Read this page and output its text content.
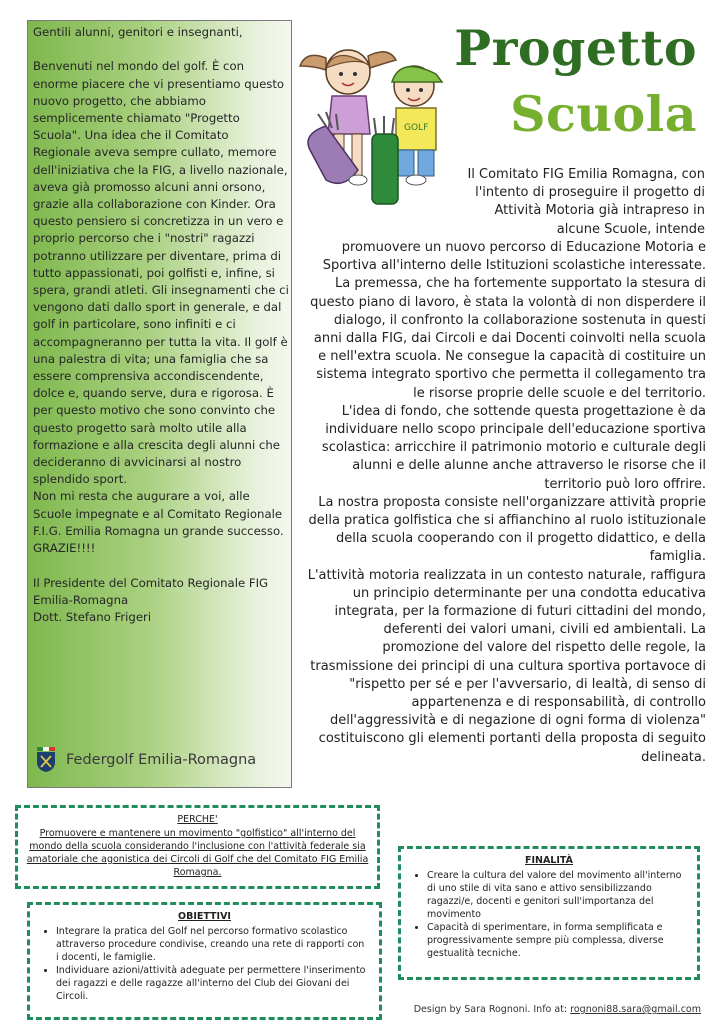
Gentili alunni, genitori e insegnanti,

Benvenuti nel mondo del golf. È con enorme piacere che vi presentiamo questo nuovo progetto, che abbiamo semplicemente chiamato "Progetto Scuola". Una idea che il Comitato Regionale aveva sempre cullato, memore dell'iniziativa che la FIG, a livello nazionale, aveva già promosso alcuni anni orsono, grazie alla collaborazione con Kinder. Ora questo pensiero si concretizza in un vero e proprio percorso che i "nostri" ragazzi potranno utilizzare per diventare, prima di tutto appassionati, poi golfisti e, infine, si spera, grandi atleti. Gli insegnamenti che ci vengono dati dallo sport in generale, e dal golf in particolare, sono infiniti e ci accompagneranno per tutta la vita. Il golf è una palestra di vita; una famiglia che sa essere comprensiva accondiscendente, dolce e, quando serve, dura e rigorosa. È per questo motivo che sono convinto che questo progetto sarà molto utile alla formazione e alla crescita degli alunni che decideranno di avvicinarsi al nostro splendido sport.
Non mi resta che augurare a voi, alle Scuole impegnate e al Comitato Regionale F.I.G. Emilia Romagna un grande successo.
GRAZIE!!!!

Il Presidente del Comitato Regionale FIG Emilia-Romagna
Dott. Stefano Frigeri
Federgolf Emilia-Romagna
Progetto
Scuola
GOLF
Il Comitato FIG Emilia Romagna, con l'intento di proseguire il progetto di Attività Motoria già intrapreso in alcune Scuole, intende

promuovere un nuovo percorso di Educazione Motoria e Sportiva all'interno delle Istituzioni scolastiche interessate. La premessa, che ha fortemente supportato la stesura di questo piano di lavoro, è stata la volontà di non disperdere il dialogo, il confronto la collaborazione sostenuta in questi anni dalla FIG, dai Circoli e dai Docenti coinvolti nella scuola e nell'extra scuola. Ne consegue la capacità di costituire un sistema integrato sportivo che permetta il collegamento tra le risorse proprie delle scuole e del territorio.

L'idea di fondo, che sottende questa progettazione è da individuare nello scopo principale dell'educazione sportiva scolastica: arricchire il patrimonio motorio e culturale degli alunni e delle alunne anche attraverso le risorse che il territorio può loro offrire.

La nostra proposta consiste nell'organizzare attività proprie della pratica golfistica che si affianchino al ruolo istituzionale della scuola cooperando con il progetto didattico, e della famiglia.

L'attività motoria realizzata in un contesto naturale, raffigura un principio determinante per una condotta educativa integrata, per la formazione di futuri cittadini del mondo, deferenti dei valori umani, civili ed ambientali. La promozione del valore del rispetto delle regole, la trasmissione dei principi di una cultura sportiva portavoce di "rispetto per sé e per l'avversario, di lealtà, di senso di appartenenza e di responsabilità, di controllo dell'aggressività e di negazione di ogni forma di violenza" costituiscono gli elementi portanti della proposta di seguito delineata.

PERCHE'
Promuovere e mantenere un movimento "golfistico" all'interno del mondo della scuola considerando l'inclusione con l'attività federale sia amatoriale che agonistica dei Circoli di Golf che del Comitato FIG Emilia Romagna.
OBIETTIVI
• Integrare la pratica del Golf nel percorso formativo scolastico attraverso procedure condivise, creando una rete di rapporti con i docenti, le famiglie.
• Individuare azioni/attività adeguate per permettere l'inserimento dei ragazzi e delle ragazze all'interno del Club dei Giovani dei Circoli.
FINALITÀ
• Creare la cultura del valore del movimento all'interno di uno stile di vita sano e attivo sensibilizzando ragazzi/e, docenti e genitori sull'importanza del movimento
• Capacità di sperimentare, in forma semplificata e progressivamente sempre più complessa, diverse gestualità tecniche.
Design by Sara Rognoni. Info at: rognoni88.sara@gmail.com
